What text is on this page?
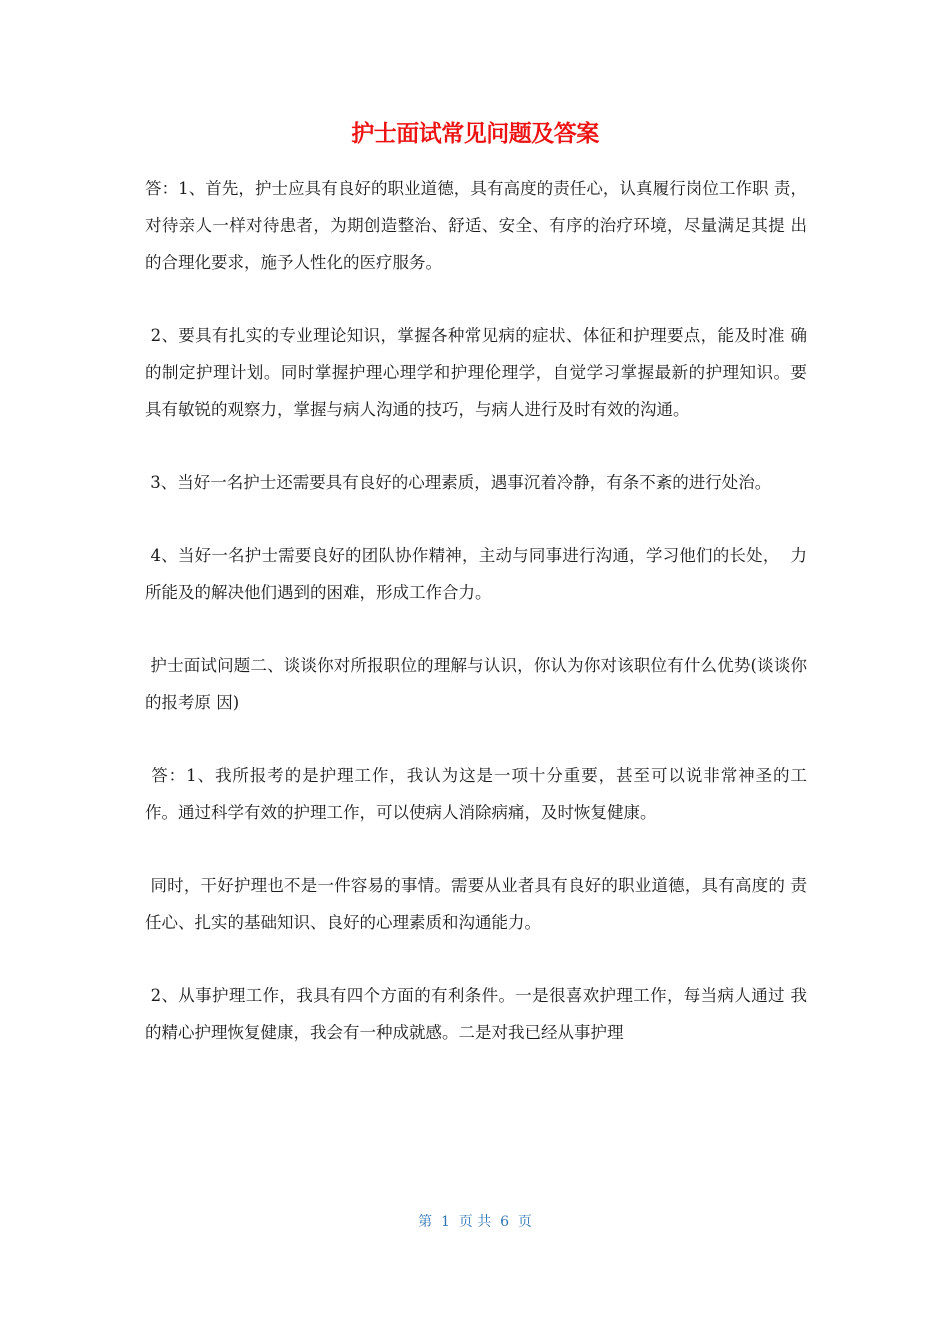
护士面试常见问题及答案

答：1、首先，护士应具有良好的职业道德，具有高度的责任心，认真履行岗位工作职 责，对待亲人一样对待患者，为期创造整治、舒适、安全、有序的治疗环境，尽量满足其提 出的合理化要求，施予人性化的医疗服务。

2、要具有扎实的专业理论知识，掌握各种常见病的症状、体征和护理要点，能及时准 确的制定护理计划。同时掌握护理心理学和护理伦理学，自觉学习掌握最新的护理知识。要 具有敏锐的观察力，掌握与病人沟通的技巧，与病人进行及时有效的沟通。

3、当好一名护士还需要具有良好的心理素质，遇事沉着冷静，有条不紊的进行处治。

4、当好一名护士需要良好的团队协作精神，主动与同事进行沟通，学习他们的长处，  力所能及的解决他们遇到的困难，形成工作合力。

护士面试问题二、谈谈你对所报职位的理解与认识，你认为你对该职位有什么优势(谈谈你的报考原 因)

答：1、我所报考的是护理工作，我认为这是一项十分重要，甚至可以说非常神圣的工 作。通过科学有效的护理工作，可以使病人消除病痛，及时恢复健康。

同时，干好护理也不是一件容易的事情。需要从业者具有良好的职业道德，具有高度的 责任心、扎实的基础知识、良好的心理素质和沟通能力。

2、从事护理工作，我具有四个方面的有利条件。一是很喜欢护理工作，每当病人通过 我的精心护理恢复健康，我会有一种成就感。二是对我已经从事护理

第  1  页 共  6  页
